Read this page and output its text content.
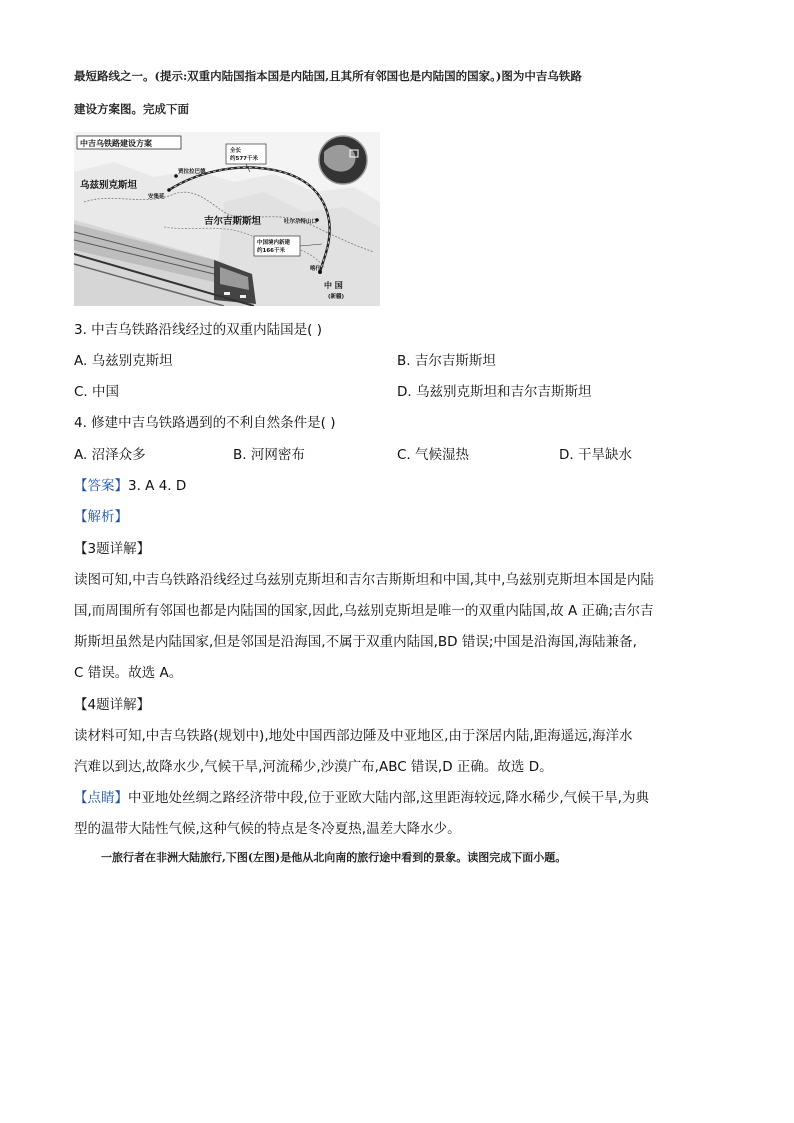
最短路线之一。(提示:双重内陆国指本国是内陆国,且其所有邻国也是内陆国的国家。)图为中吉乌铁路
建设方案图。完成下面
中吉乌铁路建设方案
贾拉拉巴德
安集延
乌兹别克斯坦
吉尔吉斯斯坦	吐尔尕特山口
喀什
中 国
(新疆)
全长
约577千米
中国境内新建
约166千米
3. 中吉乌铁路沿线经过的双重内陆国是( )
A. 乌兹别克斯坦	B. 吉尔吉斯斯坦
C. 中国	D. 乌兹别克斯坦和吉尔吉斯斯坦
4. 修建中吉乌铁路遇到的不利自然条件是( )
A. 沼泽众多	B. 河网密布	C. 气候湿热	D. 干旱缺水
【答案】3. A 4. D
【解析】
【3题详解】
读图可知,中吉乌铁路沿线经过乌兹别克斯坦和吉尔吉斯斯坦和中国,其中,乌兹别克斯坦本国是内陆
国,而周围所有邻国也都是内陆国的国家,因此,乌兹别克斯坦是唯一的双重内陆国,故 A 正确;吉尔吉
斯斯坦虽然是内陆国家,但是邻国是沿海国,不属于双重内陆国,BD 错误;中国是沿海国,海陆兼备,
C 错误。故选 A。
【4题详解】
读材料可知,中吉乌铁路(规划中),地处中国西部边陲及中亚地区,由于深居内陆,距海遥远,海洋水
汽难以到达,故降水少,气候干旱,河流稀少,沙漠广布,ABC 错误,D 正确。故选 D。
【点睛】中亚地处丝绸之路经济带中段,位于亚欧大陆内部,这里距海较远,降水稀少,气候干旱,为典
型的温带大陆性气候,这种气候的特点是冬冷夏热,温差大降水少。
一旅行者在非洲大陆旅行,下图(左图)是他从北向南的旅行途中看到的景象。读图完成下面小题。
